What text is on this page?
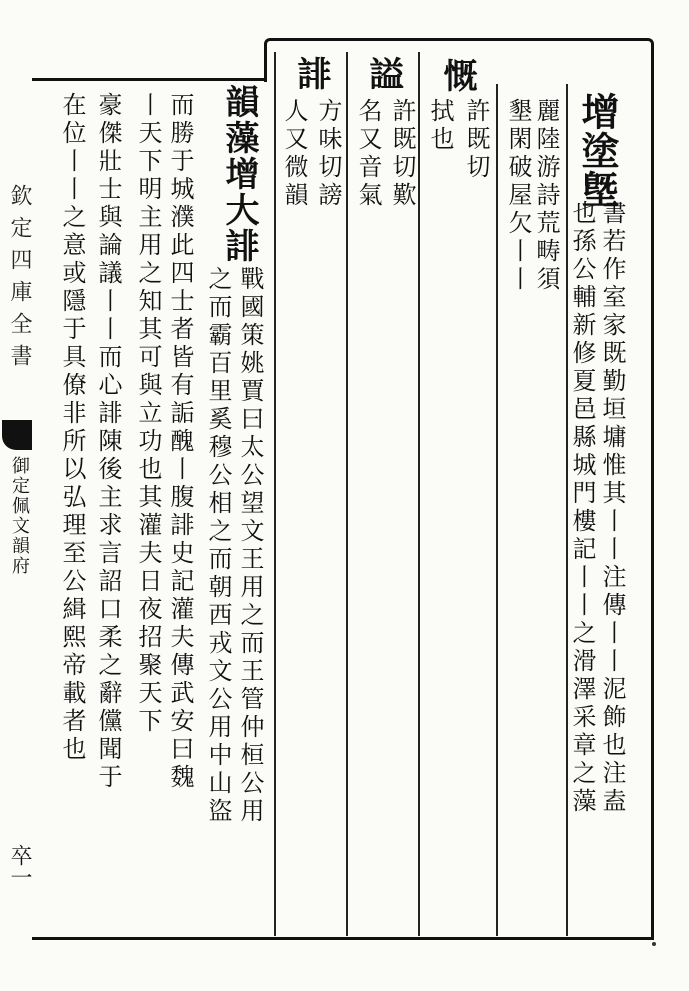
欽定四庫全書
御定佩文韻府
卒一
增塗墍
書若作室家既勤垣墉惟其丨丨注傳丨丨泥飾也注盍
也孫公輔新修夏邑縣城門樓記丨丨之滑澤采章之藻
麗陸游詩荒畴須
墾閑破屋欠丨丨
慨
許既切
拭也
謚
許既切歎
名又音氣
誹
方味切謗
人又微韻
韻藻增大誹
戰國策姚賈曰太公望文王用之而王管仲桓公用
之而霸百里奚穆公相之而朝西戎文公用中山盜
而勝于城濮此四士者皆有詬醜丨腹誹史記灌夫傳武安曰魏
丨天下明主用之知其可與立功也其灌夫日夜招聚天下
豪傑壯士與論議丨丨而心誹陳後主求言詔口柔之辭儻聞于
在位丨丨之意或隱于具僚非所以弘理至公緝熙帝載者也
